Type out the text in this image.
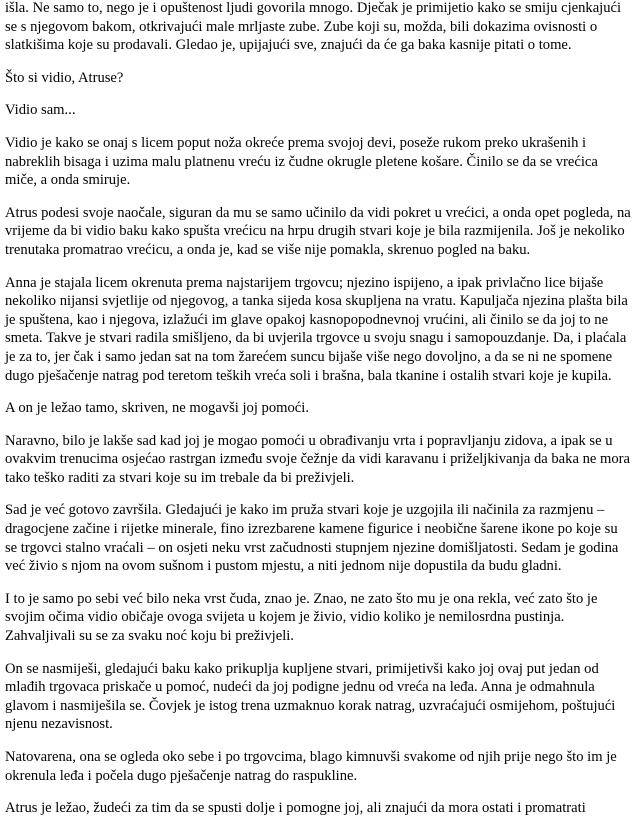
išla. Ne samo to, nego je i opuštenost ljudi govorila mnogo. Dječak je primijetio kako se smiju cjenkajući se s njegovom bakom, otkrivajući male mrljaste zube. Zube koji su, možda, bili dokazima ovisnosti o slatkišima koje su prodavali. Gledao je, upijajući sve, znajući da će ga baka kasnije pitati o tome.

Što si vidio, Atruse?

Vidio sam...

Vidio je kako se onaj s licem poput noža okreće prema svojoj devi, poseže rukom preko ukrašenih i nabreklih bisaga i uzima malu platnenu vreću iz čudne okrugle pletene košare. Činilo se da se vrećica miče, a onda smiruje.

Atrus podesi svoje naočale, siguran da mu se samo učinilo da vidi pokret u vrećici, a onda opet pogleda, na vrijeme da bi vidio baku kako spušta vrećicu na hrpu drugih stvari koje je bila razmijenila. Još je nekoliko trenutaka promatrao vrećicu, a onda je, kad se više nije pomakla, skrenuo pogled na baku.

Anna je stajala licem okrenuta prema najstarijem trgovcu; njezino ispijeno, a ipak privlačno lice bijaše nekoliko nijansi svjetlije od njegovog, a tanka sijeda kosa skupljena na vratu. Kapuljača njezina plašta bila je spuštena, kao i njegova, izlažući im glave opakoj kasnopopodnevnoj vrućini, ali činilo se da joj to ne smeta. Takve je stvari radila smišljeno, da bi uvjerila trgovce u svoju snagu i samopouzdanje. Da, i plaćala je za to, jer čak i samo jedan sat na tom žarećem suncu bijaše više nego dovoljno, a da se ni ne spomene dugo pješačenje natrag pod teretom teških vreća soli i brašna, bala tkanine i ostalih stvari koje je kupila.

A on je ležao tamo, skriven, ne mogavši joj pomoći.

Naravno, bilo je lakše sad kad joj je mogao pomoći u obrađivanju vrta i popravljanju zidova, a ipak se u ovakvim trenucima osjećao rastrgan između svoje čežnje da vidi karavanu i priželjkivanja da baka ne mora tako teško raditi za stvari koje su im trebale da bi preživjeli.

Sad je već gotovo završila. Gledajući je kako im pruža stvari koje je uzgojila ili načinila za razmjenu – dragocjene začine i rijetke minerale, fino izrezbarene kamene figurice i neobične šarene ikone po koje su se trgovci stalno vraćali – on osjeti neku vrst začudnosti stupnjem njezine domišljatosti. Sedam je godina već živio s njom na ovom sušnom i pustom mjestu, a niti jednom nije dopustila da budu gladni.

I to je samo po sebi već bilo neka vrst čuda, znao je. Znao, ne zato što mu je ona rekla, već zato što je svojim očima vidio običaje ovoga svijeta u kojem je živio, vidio koliko je nemilosrdna pustinja. Zahvaljivali su se za svaku noć koju bi preživjeli.

On se nasmiješi, gledajući baku kako prikuplja kupljene stvari, primijetivši kako joj ovaj put jedan od mlađih trgovaca priskače u pomoć, nudeći da joj podigne jednu od vreća na leđa. Anna je odmahnula glavom i nasmiješila se. Čovjek je istog trena uzmaknuo korak natrag, uzvraćajući osmijehom, poštujući njenu nezavisnost.

Natovarena, ona se ogleda oko sebe i po trgovcima, blago kimnuvši svakome od njih prije nego što im je okrenula leđa i počela dugo pješačenje natrag do raspukline.

Atrus je ležao, žudeći za tim da se spusti dolje i pomogne joj, ali znajući da mora ostati i promatrati
